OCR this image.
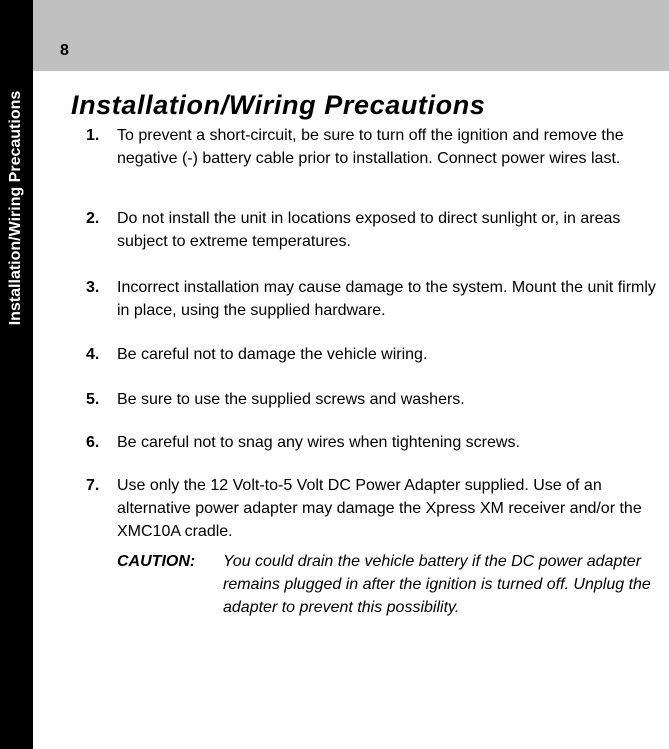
Installation/Wiring Precautions
8
Installation/Wiring Precautions
1. To prevent a short-circuit, be sure to turn off the ignition and remove the negative (-) battery cable prior to installation. Connect power wires last.
2. Do not install the unit in locations exposed to direct sunlight or, in areas subject to extreme temperatures.
3. Incorrect installation may cause damage to the system. Mount the unit firmly in place, using the supplied hardware.
4. Be careful not to damage the vehicle wiring.
5. Be sure to use the supplied screws and washers.
6. Be careful not to snag any wires when tightening screws.
7. Use only the 12 Volt-to-5 Volt DC Power Adapter supplied. Use of an alternative power adapter may damage the Xpress XM receiver and/or the XMC10A cradle.
CAUTION: You could drain the vehicle battery if the DC power adapter remains plugged in after the ignition is turned off. Unplug the adapter to prevent this possibility.
